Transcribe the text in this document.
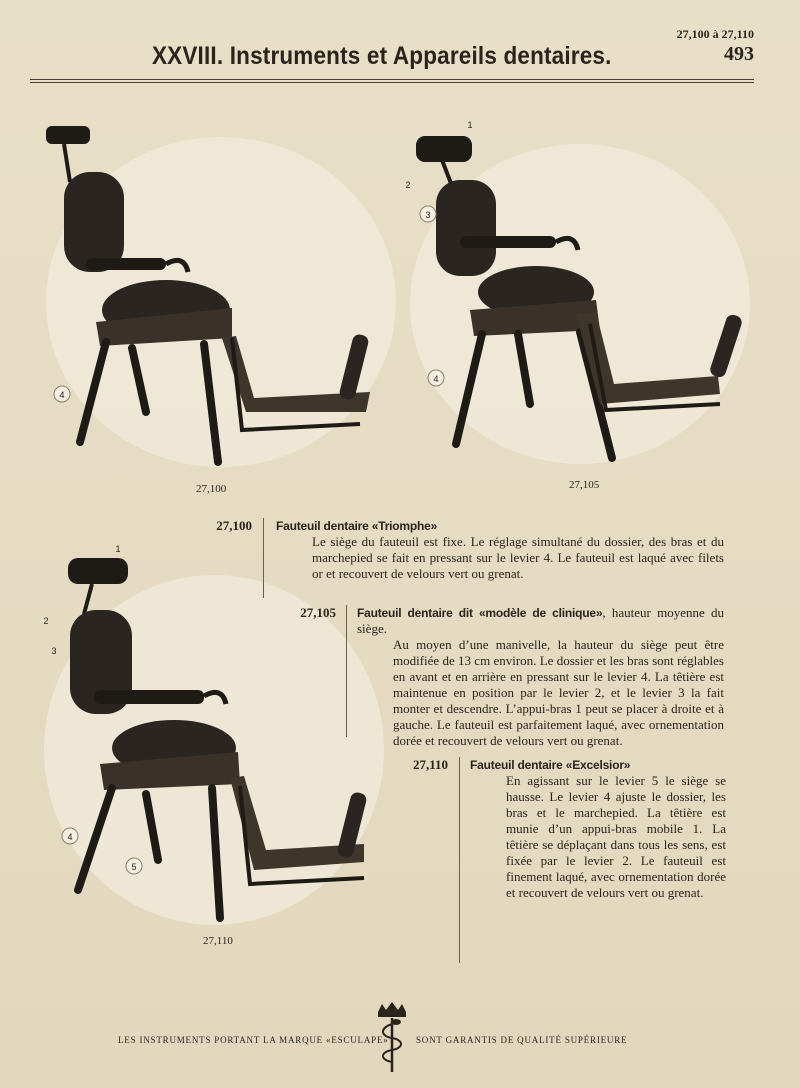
27,100 à 27,110
493
XXVIII. Instruments et Appareils dentaires.
4
27,100
1
2
3
4
27,105
1
2
3
4
5
27,110
27,100 Fauteuil dentaire «Triomphe»
Le siège du fauteuil est fixe. Le réglage simultané du dossier, des bras et du marchepied se fait en pressant sur le levier 4. Le fauteuil est laqué avec filets or et recouvert de velours vert ou grenat.
27,105 Fauteuil dentaire dit «modèle de clinique», hauteur moyenne du siège.
Au moyen d’une manivelle, la hauteur du siège peut être modifiée de 13 cm environ. Le dossier et les bras sont réglables en avant et en arrière en pressant sur le levier 4. La têtière est maintenue en position par le levier 2, et le levier 3 la fait monter et descendre. L’appui-bras 1 peut se placer à droite et à gauche. Le fauteuil est parfaitement laqué, avec ornementation dorée et recouvert de velours vert ou grenat.
27,110 Fauteuil dentaire «Excelsior»
En agissant sur le levier 5 le siège se hausse. Le levier 4 ajuste le dossier, les bras et le marchepied. La têtière est munie d’un appui-bras mobile 1. La têtière se déplaçant dans tous les sens, est fixée par le levier 2. Le fauteuil est finement laqué, avec ornementation dorée et recouvert de velours vert ou grenat.
LES INSTRUMENTS PORTANT LA MARQUE «ESCULAPE»	SONT GARANTIS DE QUALITÉ SUPÉRIEURE
